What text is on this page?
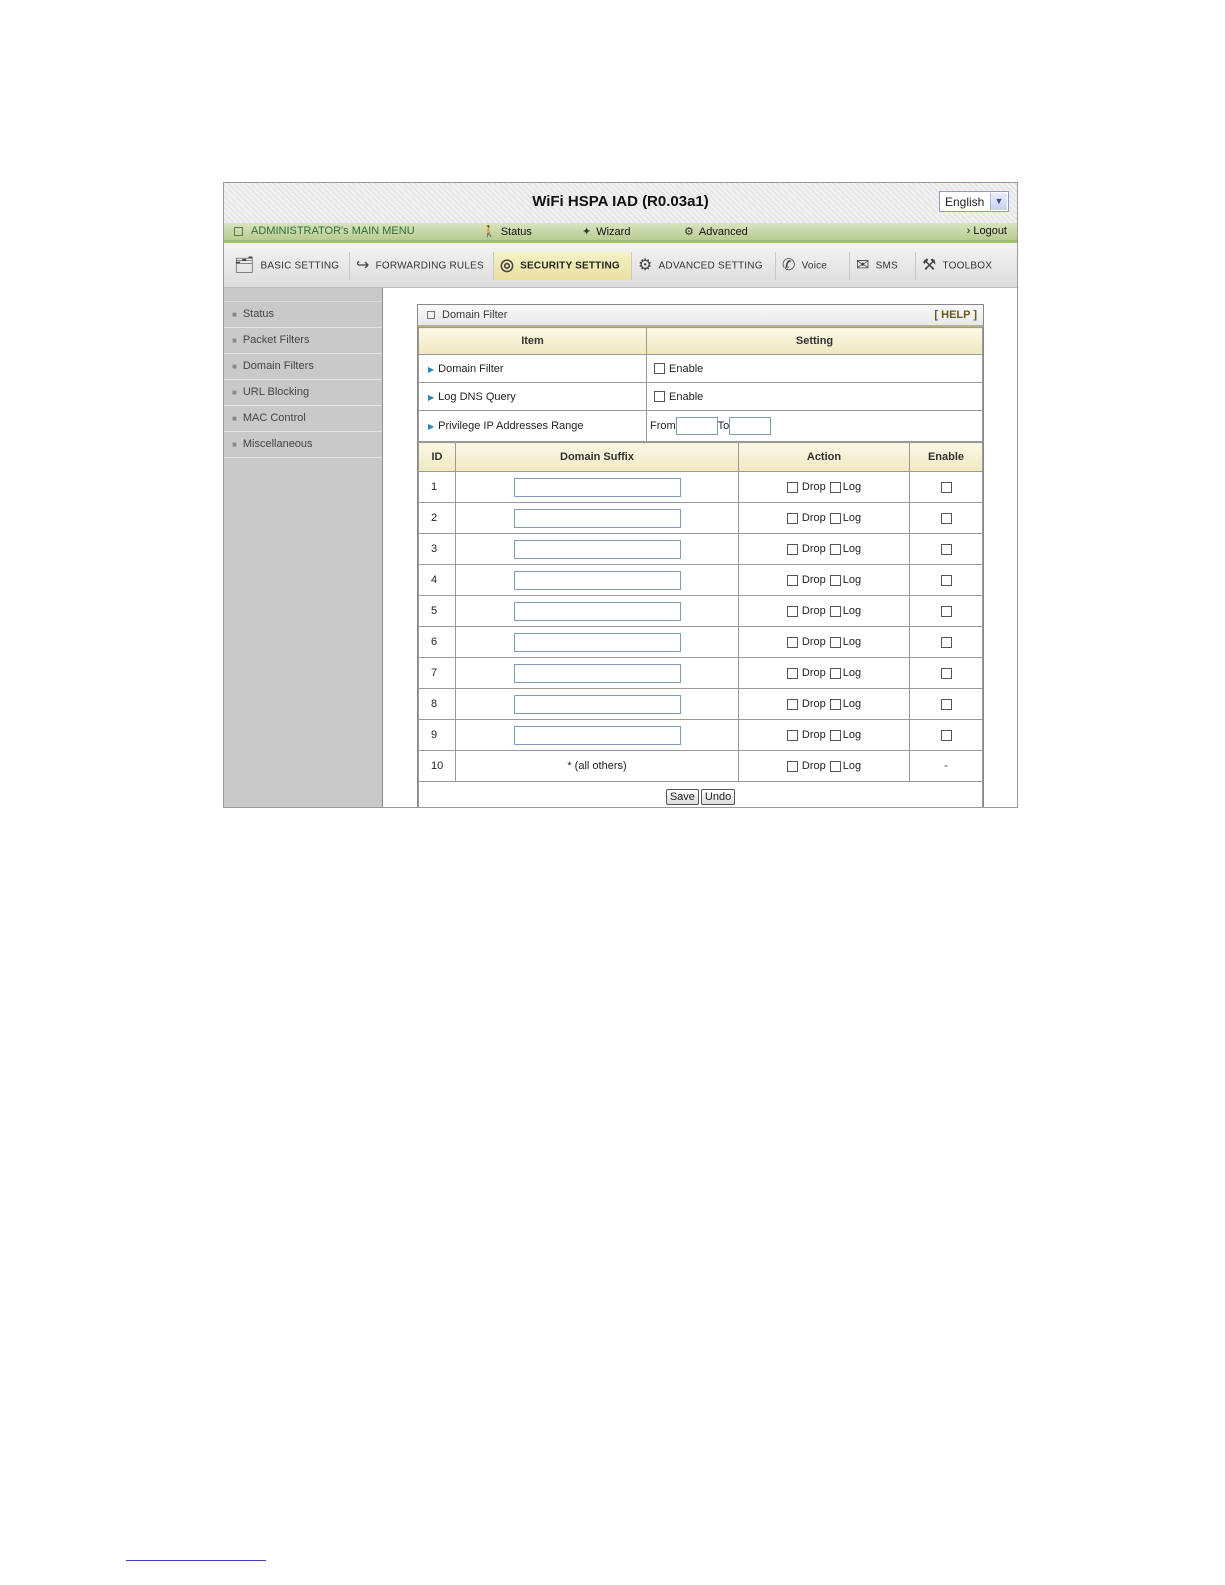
WiFi HSPA IAD (R0.03a1)	English	▼
ADMINISTRATOR's MAIN MENU	🚶 Status	✦ Wizard	⚙ Advanced	› Logout
🗂 BASIC SETTING	↪ FORWARDING RULES	◎ SECURITY SETTING	⚙ ADVANCED SETTING	✆ Voice	✉ SMS	⚒ TOOLBOX
■ Status
■ Packet Filters
■ Domain Filters
■ URL Blocking
■ MAC Control
■ Miscellaneous
Domain Filter	[ HELP ]
Item	Setting
▶ Domain Filter	Enable
▶ Log DNS Query	Enable
▶ Privilege IP Addresses Range	From To
ID	Domain Suffix	Action	Enable
1		Drop Log	
2		Drop Log	
3		Drop Log	
4		Drop Log	
5		Drop Log	
6		Drop Log	
7		Drop Log	
8		Drop Log	
9		Drop Log	
10	* (all others)	Drop Log	-
Save Undo			
